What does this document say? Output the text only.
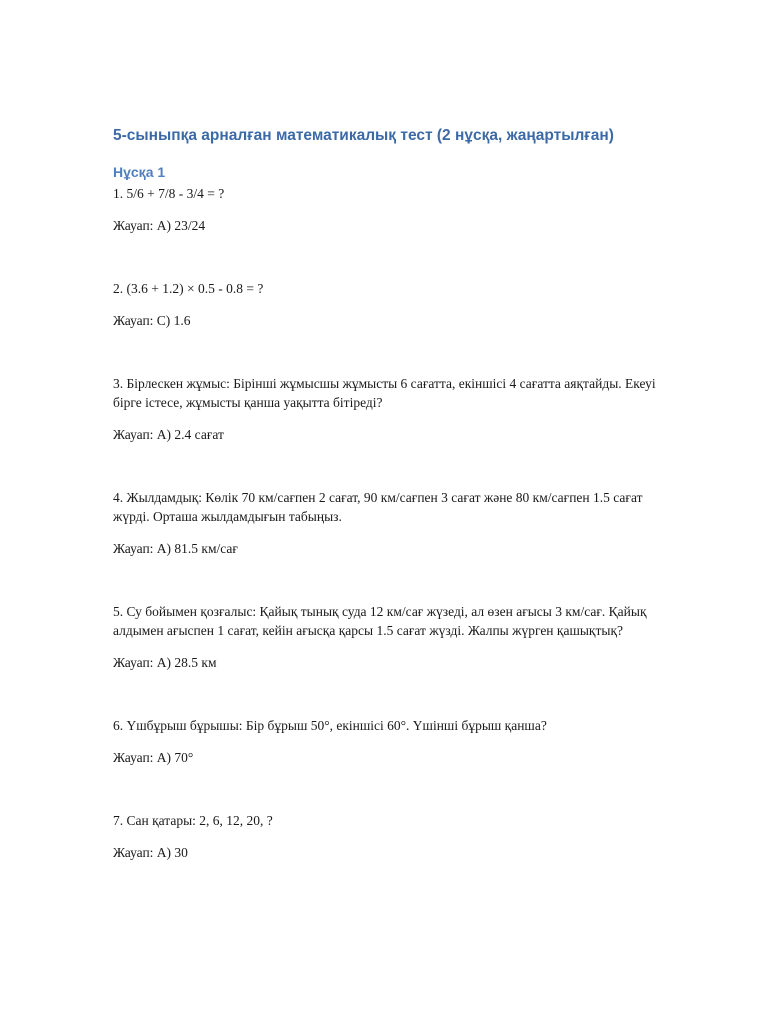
5-сыныпқа арналған математикалық тест (2 нұсқа, жаңартылған)
Нұсқа 1

1. 5/6 + 7/8 - 3/4 = ?

Жауап: A) 23/24

2. (3.6 + 1.2) × 0.5 - 0.8 = ?

Жауап: C) 1.6

3. Бірлескен жұмыс: Бірінші жұмысшы жұмысты 6 сағатта, екіншісі 4 сағатта аяқтайды. Екеуі бірге істесе, жұмысты қанша уақытта бітіреді?

Жауап: A) 2.4 сағат

4. Жылдамдық: Көлік 70 км/сағпен 2 сағат, 90 км/сағпен 3 сағат және 80 км/сағпен 1.5 сағат жүрді. Орташа жылдамдығын табыңыз.

Жауап: A) 81.5 км/сағ

5. Су бойымен қозғалыс: Қайық тынық суда 12 км/сағ жүзеді, ал өзен ағысы 3 км/сағ. Қайық алдымен ағыспен 1 сағат, кейін ағысқа қарсы 1.5 сағат жүзді. Жалпы жүрген қашықтық?

Жауап: A) 28.5 км

6. Үшбұрыш бұрышы: Бір бұрыш 50°, екіншісі 60°. Үшінші бұрыш қанша?

Жауап: A) 70°

7. Сан қатары: 2, 6, 12, 20, ?

Жауап: A) 30
